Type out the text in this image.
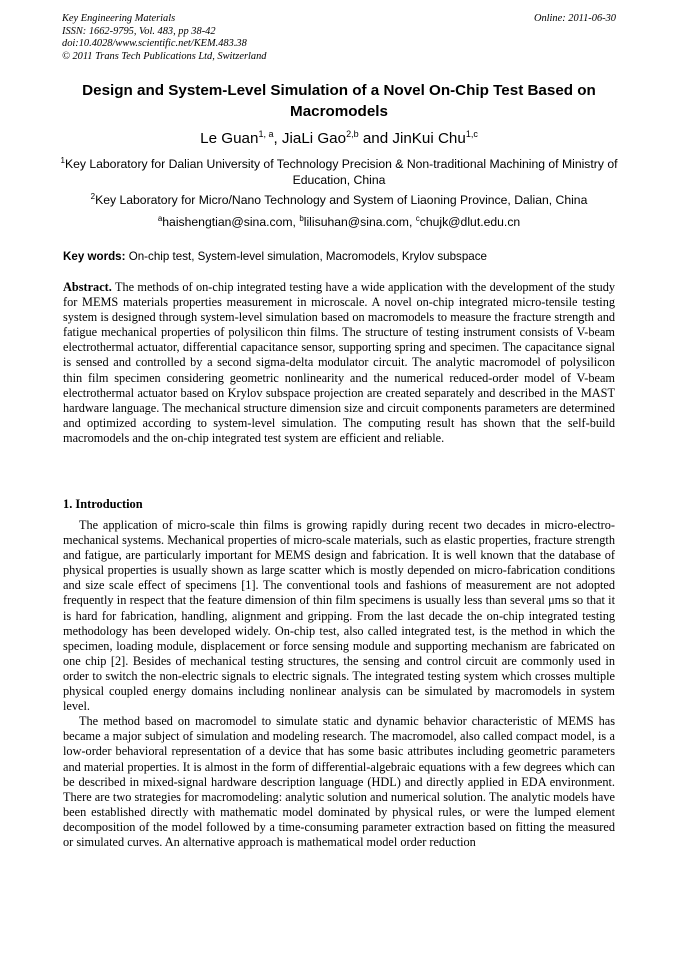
Key Engineering Materials
ISSN: 1662-9795, Vol. 483, pp 38-42
doi:10.4028/www.scientific.net/KEM.483.38
© 2011 Trans Tech Publications Ltd, Switzerland
Online: 2011-06-30
Design and System-Level Simulation of a Novel On-Chip Test Based on Macromodels
Le Guan$^{1, a}$, JiaLi Gao$^{2,b}$ and JinKui Chu$^{1,c}$
$^1$Key Laboratory for Dalian University of Technology Precision & Non-traditional Machining of Ministry of Education, China
$^2$Key Laboratory for Micro/Nano Technology and System of Liaoning Province, Dalian, China
$^a$haishengtian@sina.com, $^b$lilisuhan@sina.com, $^c$chujk@dlut.edu.cn
Key words: On-chip test, System-level simulation, Macromodels, Krylov subspace
Abstract. The methods of on-chip integrated testing have a wide application with the development of the study for MEMS materials properties measurement in microscale. A novel on-chip integrated micro-tensile testing system is designed through system-level simulation based on macromodels to measure the fracture strength and fatigue mechanical properties of polysilicon thin films. The structure of testing instrument consists of V-beam electrothermal actuator, differential capacitance sensor, supporting spring and specimen. The capacitance signal is sensed and controlled by a second sigma-delta modulator circuit. The analytic macromodel of polysilicon thin film specimen considering geometric nonlinearity and the numerical reduced-order model of V-beam electrothermal actuator based on Krylov subspace projection are created separately and described in the MAST hardware language. The mechanical structure dimension size and circuit components parameters are determined and optimized according to system-level simulation. The computing result has shown that the self-build macromodels and the on-chip integrated test system are efficient and reliable.
1. Introduction

The application of micro-scale thin films is growing rapidly during recent two decades in micro-electro-mechanical systems. Mechanical properties of micro-scale materials, such as elastic properties, fracture strength and fatigue, are particularly important for MEMS design and fabrication. It is well known that the database of physical properties is usually shown as large scatter which is mostly depended on micro-fabrication conditions and size scale effect of specimens [1]. The conventional tools and fashions of measurement are not adopted frequently in respect that the feature dimension of thin film specimens is usually less than several μms so that it is hard for fabrication, handling, alignment and gripping. From the last decade the on-chip integrated testing methodology has been developed widely. On-chip test, also called integrated test, is the method in which the specimen, loading module, displacement or force sensing module and supporting mechanism are fabricated on one chip [2]. Besides of mechanical testing structures, the sensing and control circuit are commonly used in order to switch the non-electric signals to electric signals. The integrated testing system which crosses multiple physical coupled energy domains including nonlinear analysis can be simulated by macromodels in system level.

The method based on macromodel to simulate static and dynamic behavior characteristic of MEMS has became a major subject of simulation and modeling research. The macromodel, also called compact model, is a low-order behavioral representation of a device that has some basic attributes including geometric parameters and material properties. It is almost in the form of differential-algebraic equations with a few degrees which can be described in mixed-signal hardware description language (HDL) and directly applied in EDA environment. There are two strategies for macromodeling: analytic solution and numerical solution. The analytic models have been established directly with mathematic model dominated by physical rules, or were the lumped element decomposition of the model followed by a time-consuming parameter extraction based on fitting the measured or simulated curves. An alternative approach is mathematical model order reduction
